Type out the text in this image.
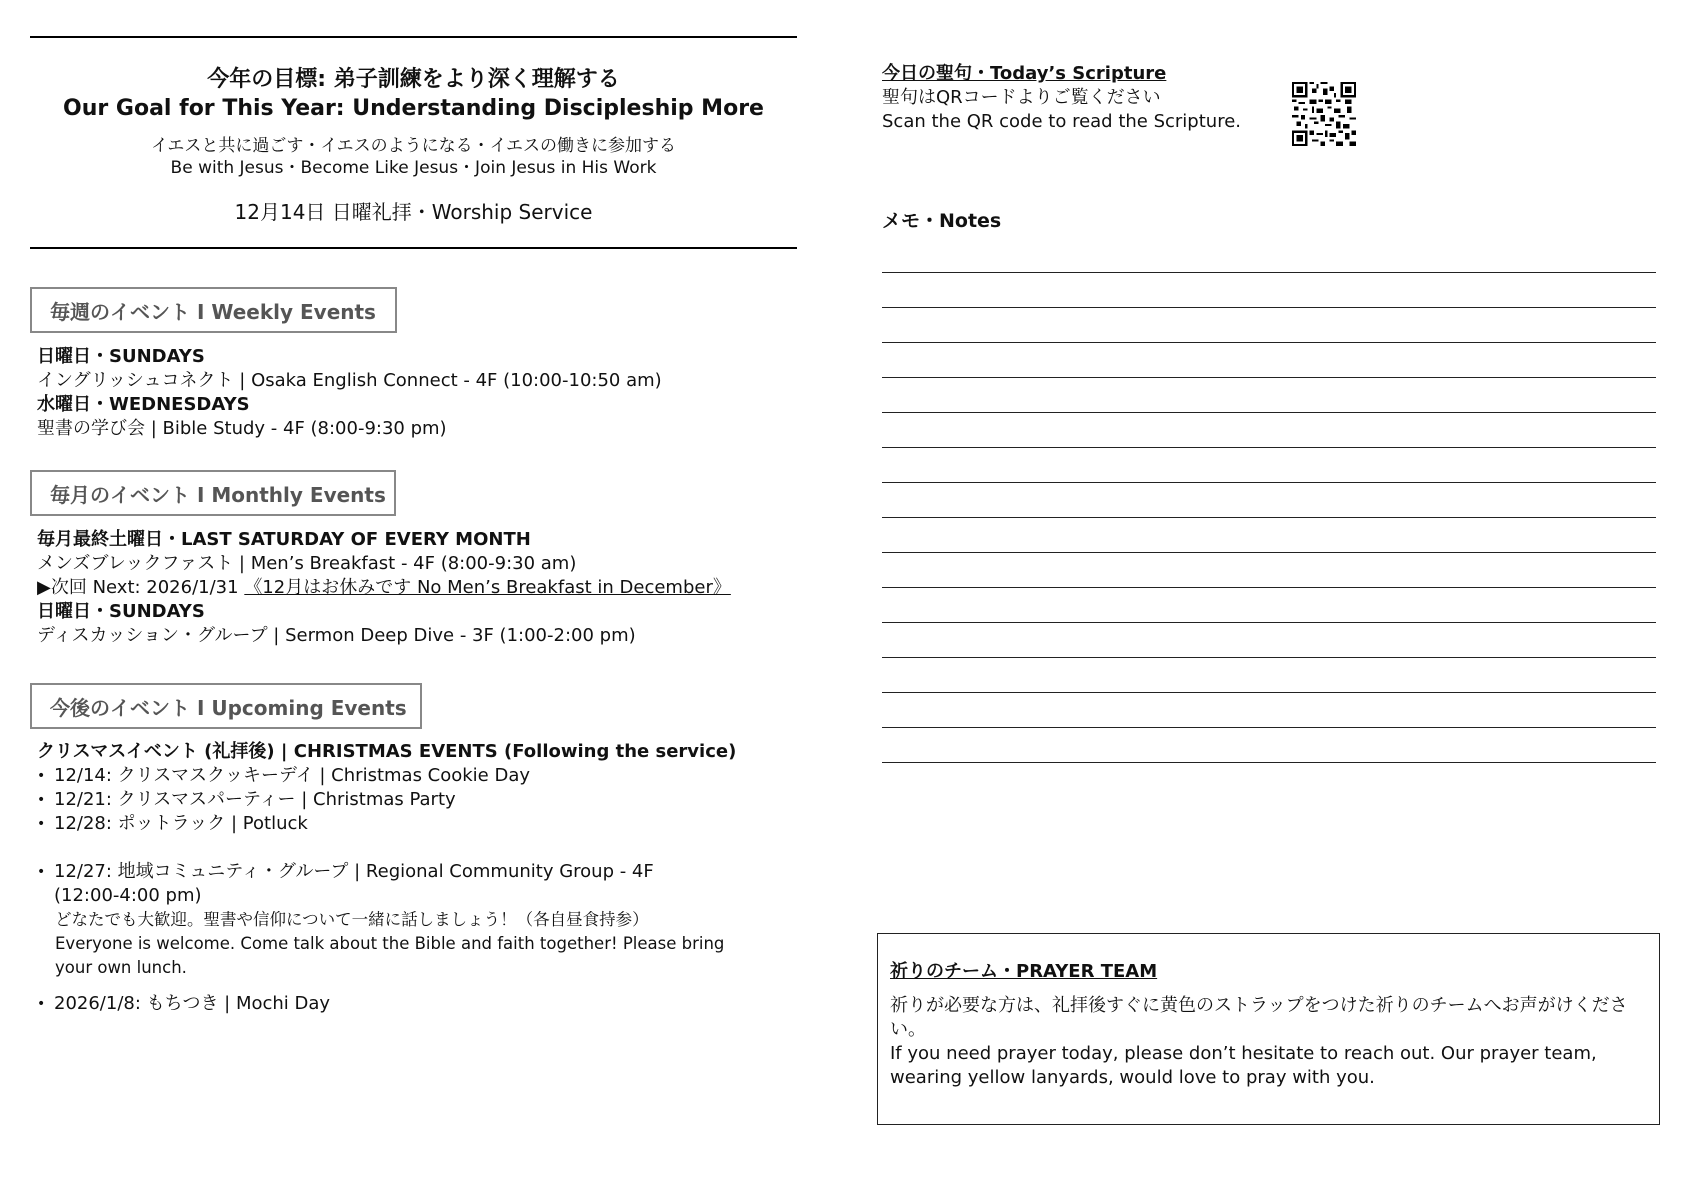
今年の目標: 弟子訓練をより深く理解する
Our Goal for This Year: Understanding Discipleship More
イエスと共に過ごす・イエスのようになる・イエスの働きに参加する
Be with Jesus・Become Like Jesus・Join Jesus in His Work
12月14日 日曜礼拝・Worship Service
毎週のイベント I Weekly Events
日曜日・SUNDAYS
イングリッシュコネクト | Osaka English Connect - 4F (10:00-10:50 am)
水曜日・WEDNESDAYS
聖書の学び会 | Bible Study - 4F (8:00-9:30 pm)
毎月のイベント I Monthly Events
毎月最終土曜日・LAST SATURDAY OF EVERY MONTH
メンズブレックファスト | Men’s Breakfast - 4F (8:00-9:30 am)
▶次回 Next: 2026/1/31 《12月はお休みです No Men’s Breakfast in December》
日曜日・SUNDAYS
ディスカッション・グループ | Sermon Deep Dive - 3F (1:00-2:00 pm)
今後のイベント I Upcoming Events
クリスマスイベント (礼拝後) | CHRISTMAS EVENTS (Following the service)
• 12/14: クリスマスクッキーデイ | Christmas Cookie Day
• 12/21: クリスマスパーティー | Christmas Party
• 12/28: ポットラック | Potluck
• 12/27: 地域コミュニティ・グループ | Regional Community Group - 4F
(12:00-4:00 pm)
どなたでも大歓迎。聖書や信仰について一緒に話しましょう！（各自昼食持参）
Everyone is welcome. Come talk about the Bible and faith together! Please bring
your own lunch.
• 2026/1/8: もちつき | Mochi Day
今日の聖句・Today’s Scripture
聖句はQRコードよりご覧ください
Scan the QR code to read the Scripture.
メモ・Notes
祈りのチーム・PRAYER TEAM
祈りが必要な方は、礼拝後すぐに黄色のストラップをつけた祈りのチームへお声がけください。
If you need prayer today, please don’t hesitate to reach out. Our prayer team, wearing yellow lanyards, would love to pray with you.
